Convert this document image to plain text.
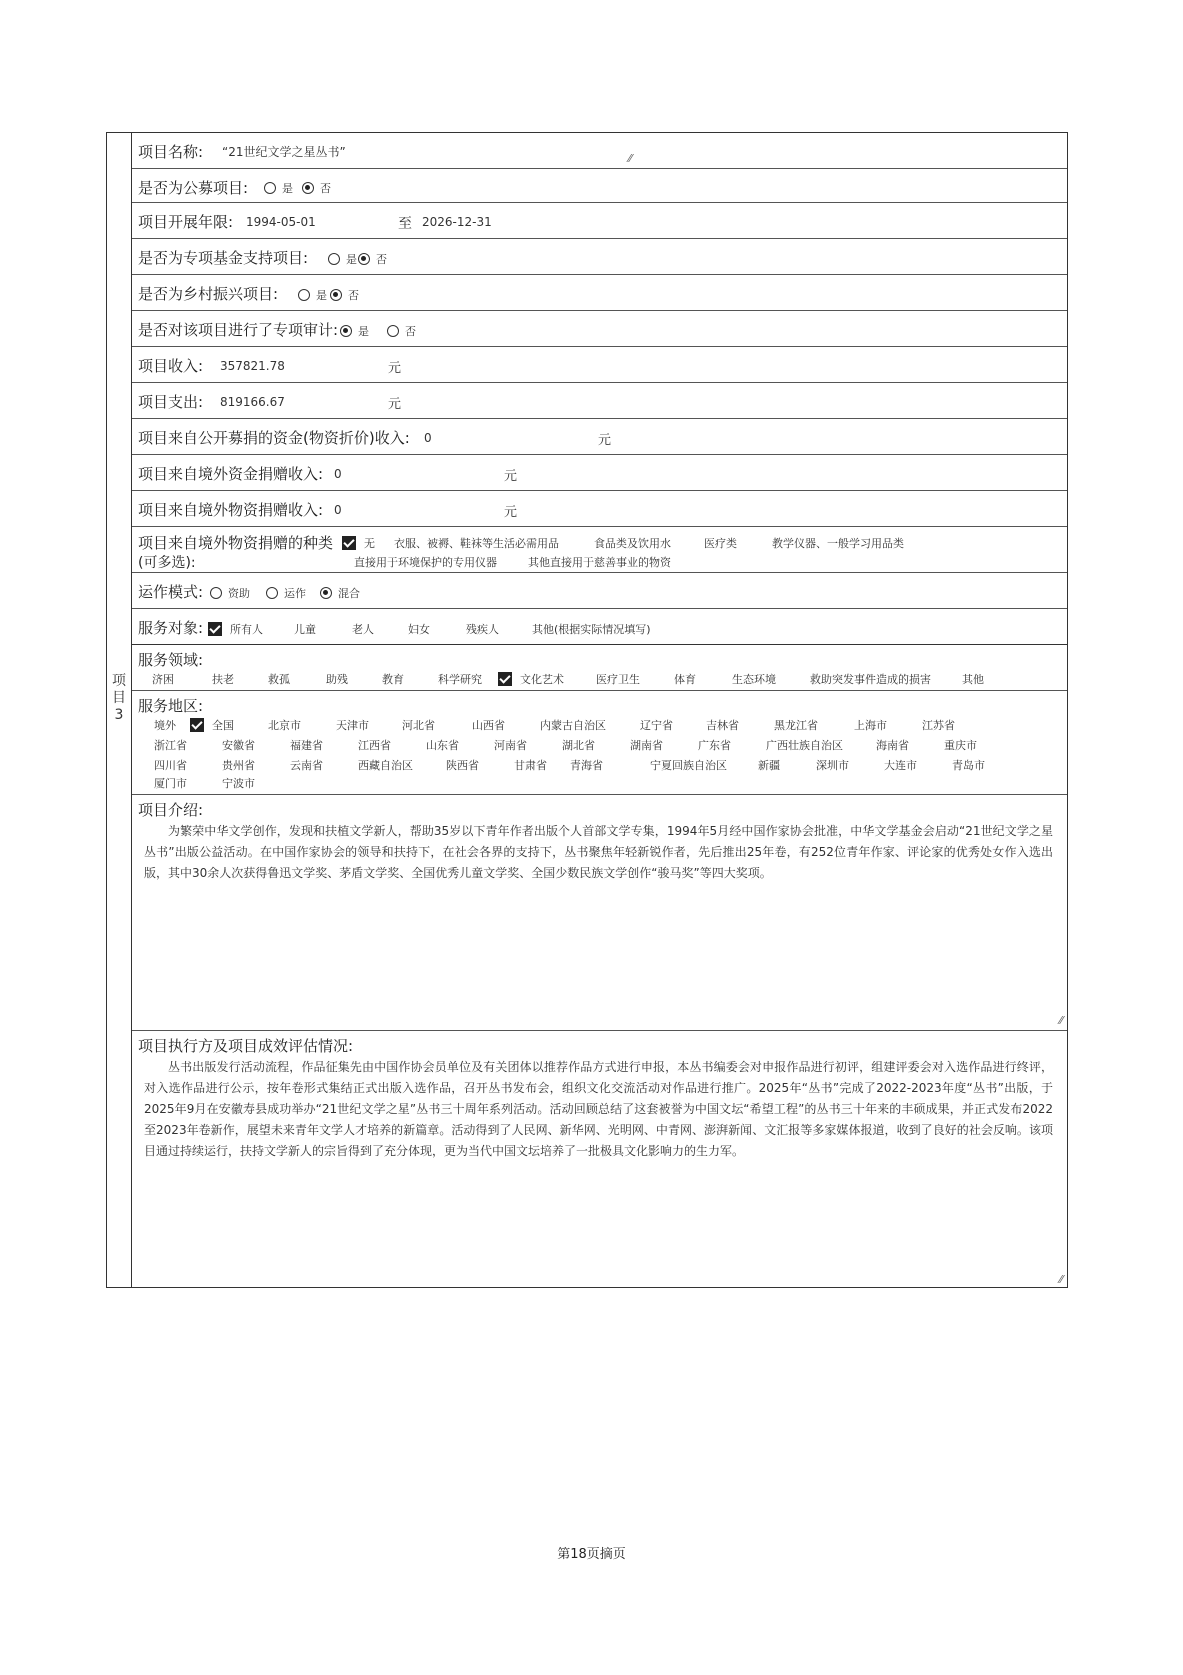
项目3
项目名称: “21世纪文学之星丛书”	⁄⁄
是否为公募项目:	是 否
项目开展年限: 1994-05-01	至 2026-12-31
是否为专项基金支持项目:	是 否
是否为乡村振兴项目:	是 否
是否对该项目进行了专项审计: 是	否
项目收入: 357821.78	元
项目支出: 819166.67	元
项目来自公开募捐的资金(物资折价)收入: 0	元
项目来自境外资金捐赠收入: 0	元
项目来自境外物资捐赠收入: 0	元
项目来自境外物资捐赠的种类
(可多选):
无 衣服、被褥、鞋袜等生活必需用品	食品类及饮用水	医疗类	教学仪器、一般学习用品类
直接用于环境保护的专用仪器	其他直接用于慈善事业的物资
运作模式: 资助	运作	混合
服务对象: 所有人	儿童	老人	妇女	残疾人	其他(根据实际情况填写)
服务领域:
济困	扶老	救孤	助残	教育	科学研究	文化艺术	医疗卫生	体育	生态环境	救助突发事件造成的损害	其他
服务地区:
境外	全国	北京市	天津市	河北省	山西省	内蒙古自治区	辽宁省	吉林省	黑龙江省	上海市	江苏省
浙江省	安徽省	福建省	江西省	山东省	河南省	湖北省	湖南省	广东省	广西壮族自治区	海南省	重庆市
四川省	贵州省	云南省	西藏自治区	陕西省	甘肃省 青海省	宁夏回族自治区	新疆	深圳市	大连市	青岛市
厦门市	宁波市
项目介绍:
为繁荣中华文学创作，发现和扶植文学新人，帮助35岁以下青年作者出版个人首部文学专集，1994年5月经中国作家协会批准，中华文学基金会启动“21世纪文学之星丛书”出版公益活动。在中国作家协会的领导和扶持下，在社会各界的支持下，丛书聚焦年轻新锐作者，先后推出25年卷，有252位青年作家、评论家的优秀处女作入选出版，其中30余人次获得鲁迅文学奖、茅盾文学奖、全国优秀儿童文学奖、全国少数民族文学创作“骏马奖”等四大奖项。
⁄⁄
项目执行方及项目成效评估情况:
丛书出版发行活动流程，作品征集先由中国作协会员单位及有关团体以推荐作品方式进行申报，本丛书编委会对申报作品进行初评，组建评委会对入选作品进行终评，对入选作品进行公示，按年卷形式集结正式出版入选作品，召开丛书发布会，组织文化交流活动对作品进行推广。2025年“丛书”完成了2022-2023年度“丛书”出版，于2025年9月在安徽寿县成功举办“21世纪文学之星”丛书三十周年系列活动。活动回顾总结了这套被誉为中国文坛“希望工程”的丛书三十年来的丰硕成果，并正式发布2022至2023年卷新作，展望未来青年文学人才培养的新篇章。活动得到了人民网、新华网、光明网、中青网、澎湃新闻、文汇报等多家媒体报道，收到了良好的社会反响。该项目通过持续运行，扶持文学新人的宗旨得到了充分体现，更为当代中国文坛培养了一批极具文化影响力的生力军。
⁄⁄
第18页摘页
